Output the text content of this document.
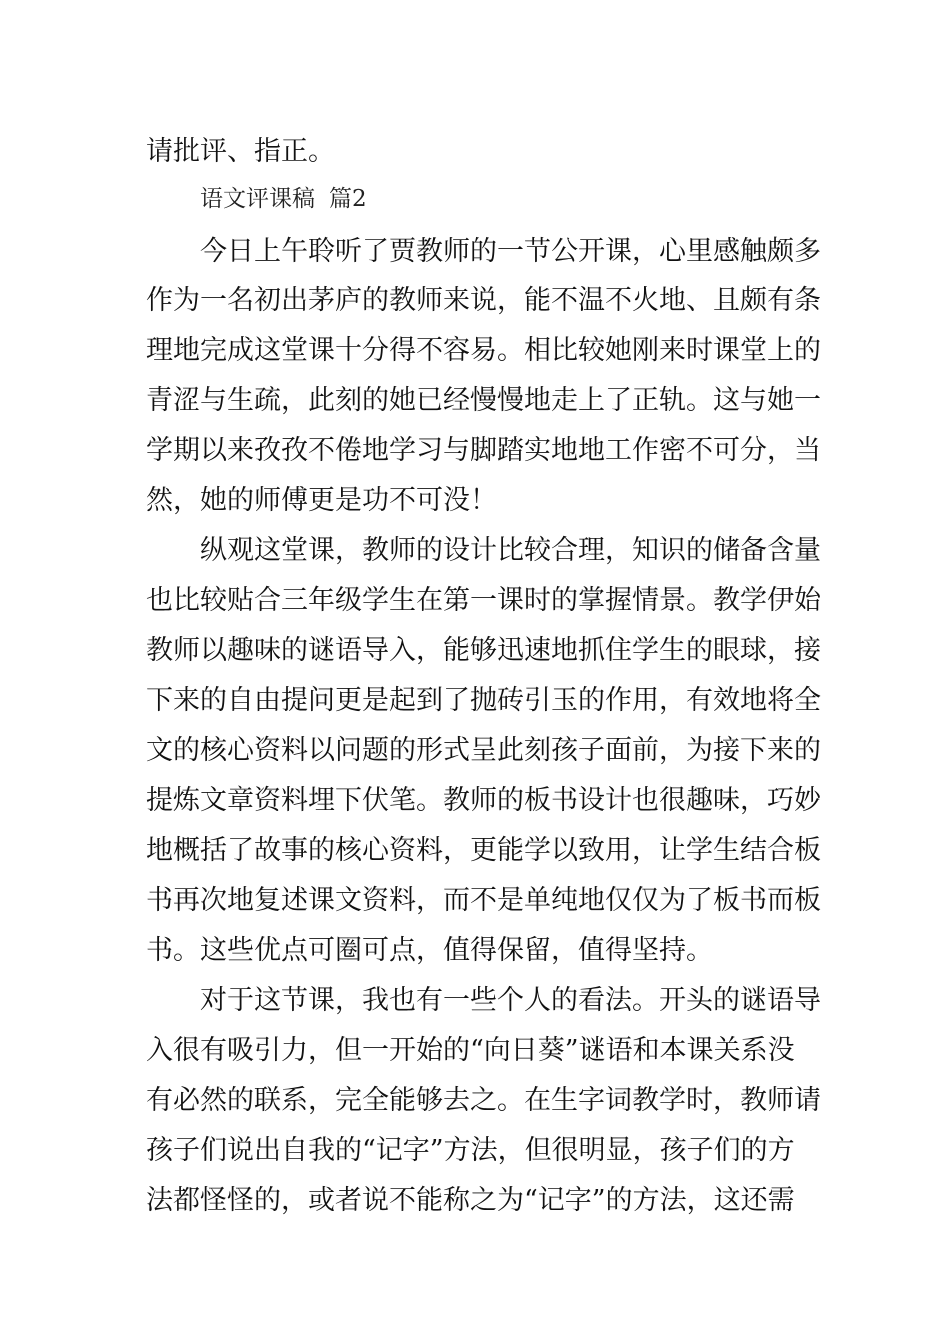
请批评、指正。
语文评课稿 篇2
今日上午聆听了贾教师的一节公开课，心里感触颇多
作为一名初出茅庐的教师来说，能不温不火地、且颇有条
理地完成这堂课十分得不容易。相比较她刚来时课堂上的
青涩与生疏，此刻的她已经慢慢地走上了正轨。这与她一
学期以来孜孜不倦地学习与脚踏实地地工作密不可分，当
然，她的师傅更是功不可没！
纵观这堂课，教师的设计比较合理，知识的储备含量
也比较贴合三年级学生在第一课时的掌握情景。教学伊始
教师以趣味的谜语导入，能够迅速地抓住学生的眼球，接
下来的自由提问更是起到了抛砖引玉的作用，有效地将全
文的核心资料以问题的形式呈此刻孩子面前，为接下来的
提炼文章资料埋下伏笔。教师的板书设计也很趣味，巧妙
地概括了故事的核心资料，更能学以致用，让学生结合板
书再次地复述课文资料，而不是单纯地仅仅为了板书而板
书。这些优点可圈可点，值得保留，值得坚持。
对于这节课，我也有一些个人的看法。开头的谜语导
入很有吸引力，但一开始的“向日葵”谜语和本课关系没
有必然的联系，完全能够去之。在生字词教学时，教师请
孩子们说出自我的“记字”方法，但很明显，孩子们的方
法都怪怪的，或者说不能称之为“记字”的方法，这还需
